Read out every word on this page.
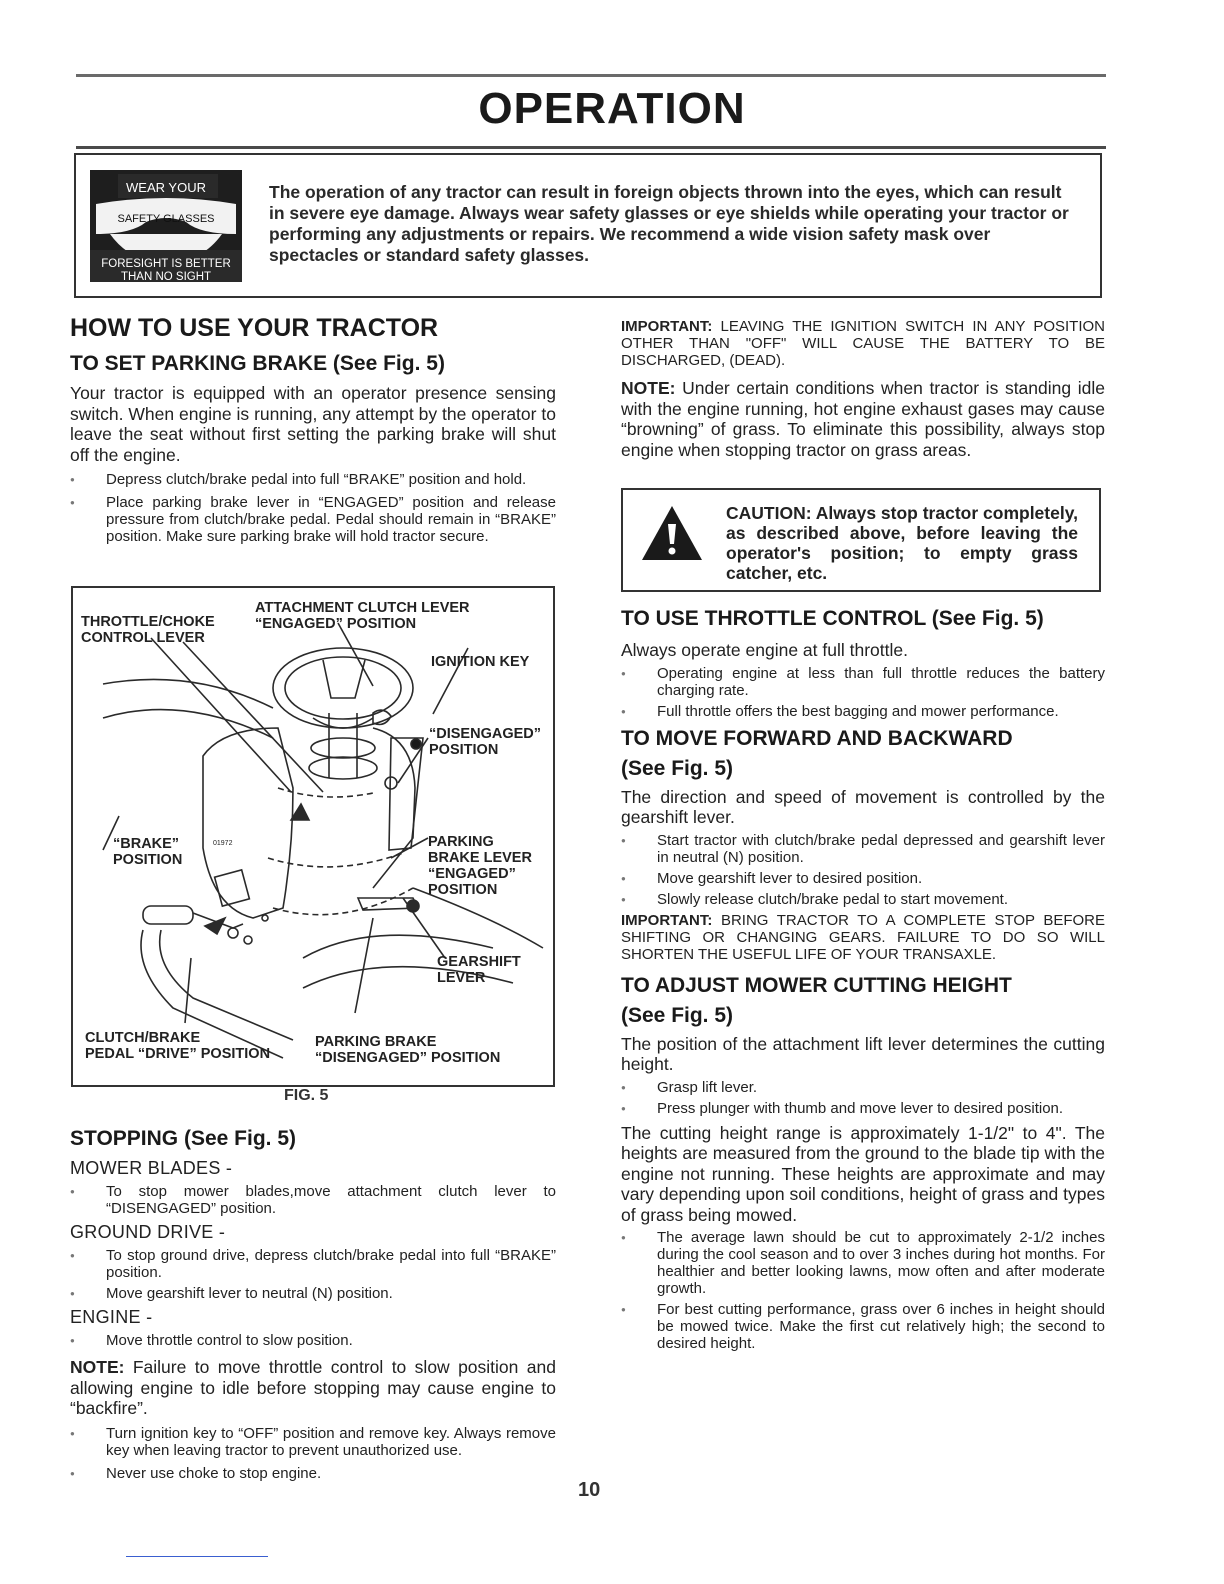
OPERATION
WEAR YOUR
SAFETY GLASSES
FORESIGHT IS BETTER
THAN NO SIGHT
The operation of any tractor can result in foreign objects thrown into the eyes, which can result in severe eye damage. Always wear safety glasses or eye shields while operating your tractor or performing any adjustments or repairs. We recommend a wide vision safety mask over spectacles or standard safety glasses.
HOW TO USE YOUR TRACTOR
TO SET PARKING BRAKE (See Fig. 5)
Your tractor is equipped with an operator presence sensing switch. When engine is running, any attempt by the operator to leave the seat without first setting the parking brake will shut off the engine.
● Depress clutch/brake pedal into full “BRAKE” position and hold.
● Place parking brake lever in “ENGAGED” position and release pressure from clutch/brake pedal. Pedal should remain in “BRAKE” position. Make sure parking brake will hold tractor secure.
THROTTLE/CHOKE
CONTROL LEVER
ATTACHMENT CLUTCH LEVER
“ENGAGED” POSITION
IGNITION KEY
“DISENGAGED”
POSITION
“BRAKE”
POSITION
01972	PARKING
BRAKE LEVER
“ENGAGED”
POSITION
GEARSHIFT
LEVER
CLUTCH/BRAKE
PEDAL “DRIVE” POSITION
PARKING BRAKE
“DISENGAGED” POSITION
FIG. 5
STOPPING (See Fig. 5)
MOWER BLADES -
● To stop mower blades,move attachment clutch lever to “DISENGAGED” position.
GROUND DRIVE -
● To stop ground drive, depress clutch/brake pedal into full “BRAKE” position.
● Move gearshift lever to neutral (N) position.
ENGINE -
● Move throttle control to slow position.
NOTE: Failure to move throttle control to slow position and allowing engine to idle before stopping may cause engine to “backfire”.
● Turn ignition key to “OFF” position and remove key. Always remove key when leaving tractor to prevent unauthorized use.
● Never use choke to stop engine.
IMPORTANT: LEAVING THE IGNITION SWITCH IN ANY POSITION OTHER THAN "OFF" WILL CAUSE THE BATTERY TO BE DISCHARGED, (DEAD).
NOTE: Under certain conditions when tractor is standing idle with the engine running, hot engine exhaust gases may cause “browning” of grass. To eliminate this possibility, always stop engine when stopping tractor on grass areas.
CAUTION: Always stop tractor completely, as described above, before leaving the operator's position; to empty grass catcher, etc.
TO USE THROTTLE CONTROL (See Fig. 5)
Always operate engine at full throttle.
● Operating engine at less than full throttle reduces the battery charging rate.
● Full throttle offers the best bagging and mower performance.
TO MOVE FORWARD AND BACKWARD
(See Fig. 5)
The direction and speed of movement is controlled by the gearshift lever.
● Start tractor with clutch/brake pedal depressed and gearshift lever in neutral (N) position.
● Move gearshift lever to desired position.
● Slowly release clutch/brake pedal to start movement.
IMPORTANT: BRING TRACTOR TO A COMPLETE STOP BEFORE SHIFTING OR CHANGING GEARS. FAILURE TO DO SO WILL SHORTEN THE USEFUL LIFE OF YOUR TRANSAXLE.
TO ADJUST MOWER CUTTING HEIGHT
(See Fig. 5)
The position of the attachment lift lever determines the cutting height.
● Grasp lift lever.
● Press plunger with thumb and move lever to desired position.
The cutting height range is approximately 1-1/2" to 4". The heights are measured from the ground to the blade tip with the engine not running. These heights are approximate and may vary depending upon soil conditions, height of grass and types of grass being mowed.
● The average lawn should be cut to approximately 2-1/2 inches during the cool season and to over 3 inches during hot months. For healthier and better looking lawns, mow often and after moderate growth.
● For best cutting performance, grass over 6 inches in height should be mowed twice. Make the first cut relatively high; the second to desired height.
10
